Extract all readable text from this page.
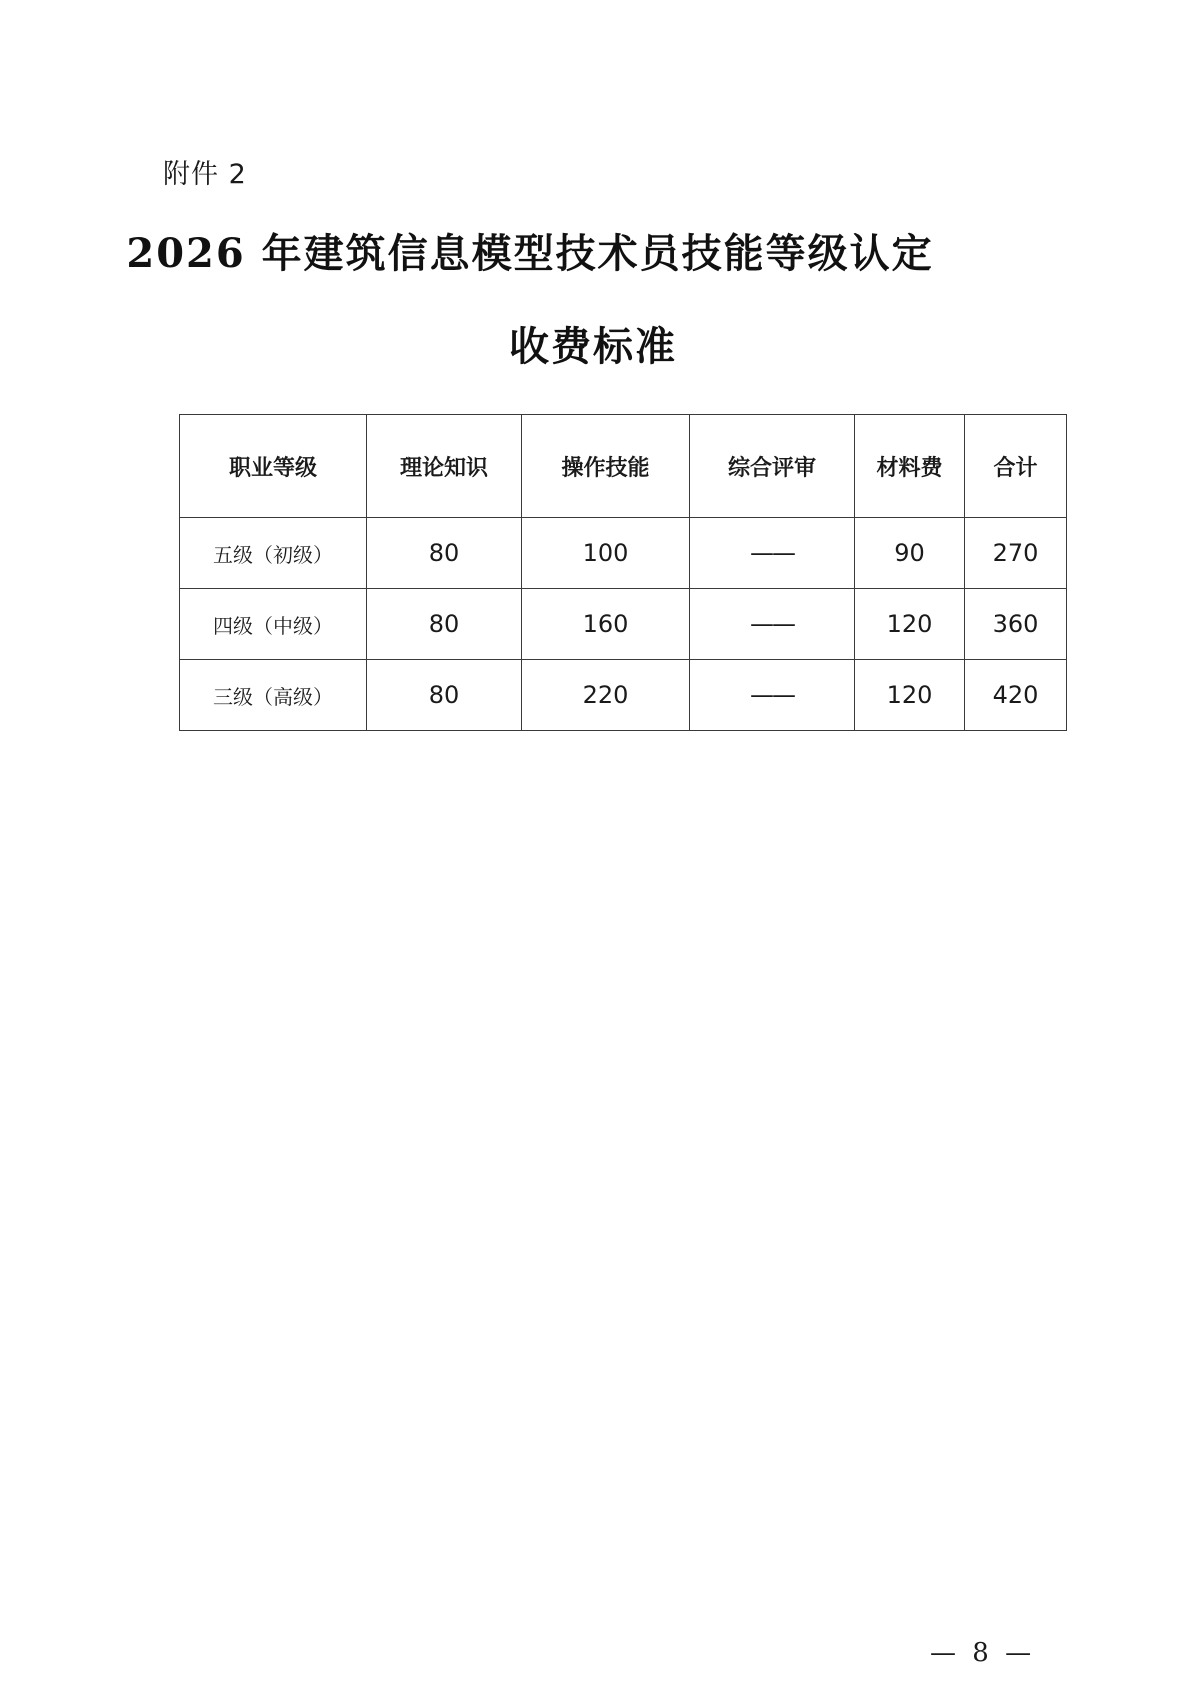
附件 2
2026 年建筑信息模型技术员技能等级认定
收费标准
职业等级	理论知识	操作技能	综合评审	材料费	合计
五级（初级）	80	100	——	90	270
四级（中级）	80	160	——	120	360
三级（高级）	80	220	——	120	420
— 8 —
